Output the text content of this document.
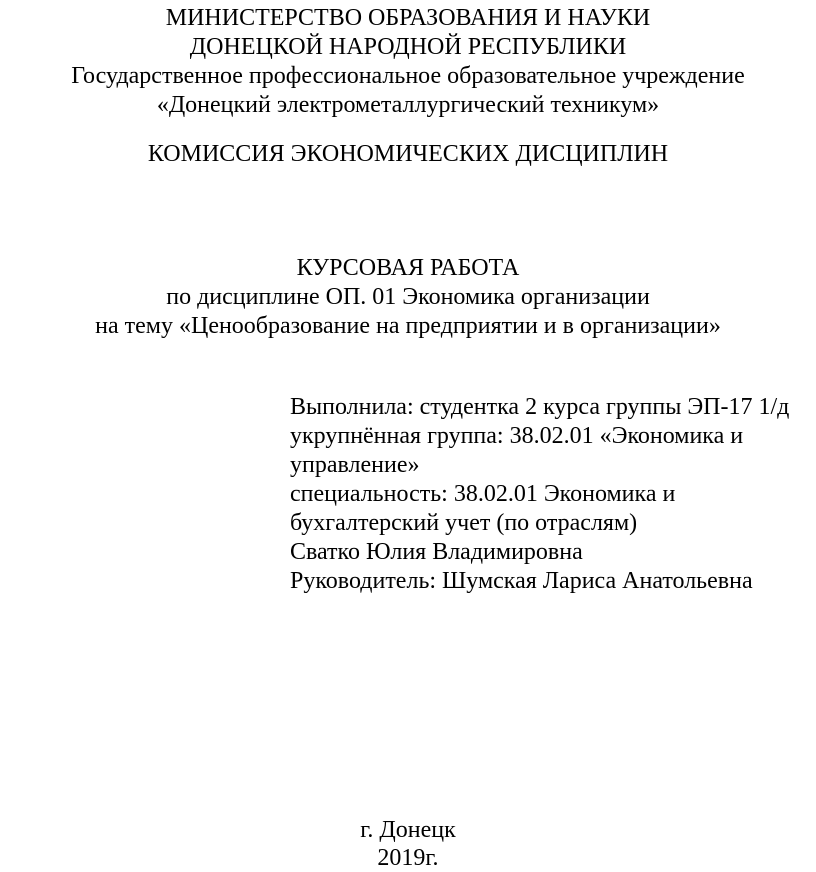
МИНИСТЕРСТВО ОБРАЗОВАНИЯ И НАУКИ
ДОНЕЦКОЙ НАРОДНОЙ РЕСПУБЛИКИ
Государственное профессиональное образовательное учреждение
«Донецкий электрометаллургический техникум»
КОМИССИЯ ЭКОНОМИЧЕСКИХ ДИСЦИПЛИН
КУРСОВАЯ РАБОТА
по дисциплине ОП. 01 Экономика организации
на тему «Ценообразование на предприятии и в организации»
Выполнила: студентка 2 курса группы ЭП-17 1/д
укрупнённая группа: 38.02.01 «Экономика и
управление»
специальность: 38.02.01 Экономика и
бухгалтерский учет (по отраслям)
Сватко Юлия Владимировна
Руководитель: Шумская Лариса Анатольевна
г. Донецк
2019г.
